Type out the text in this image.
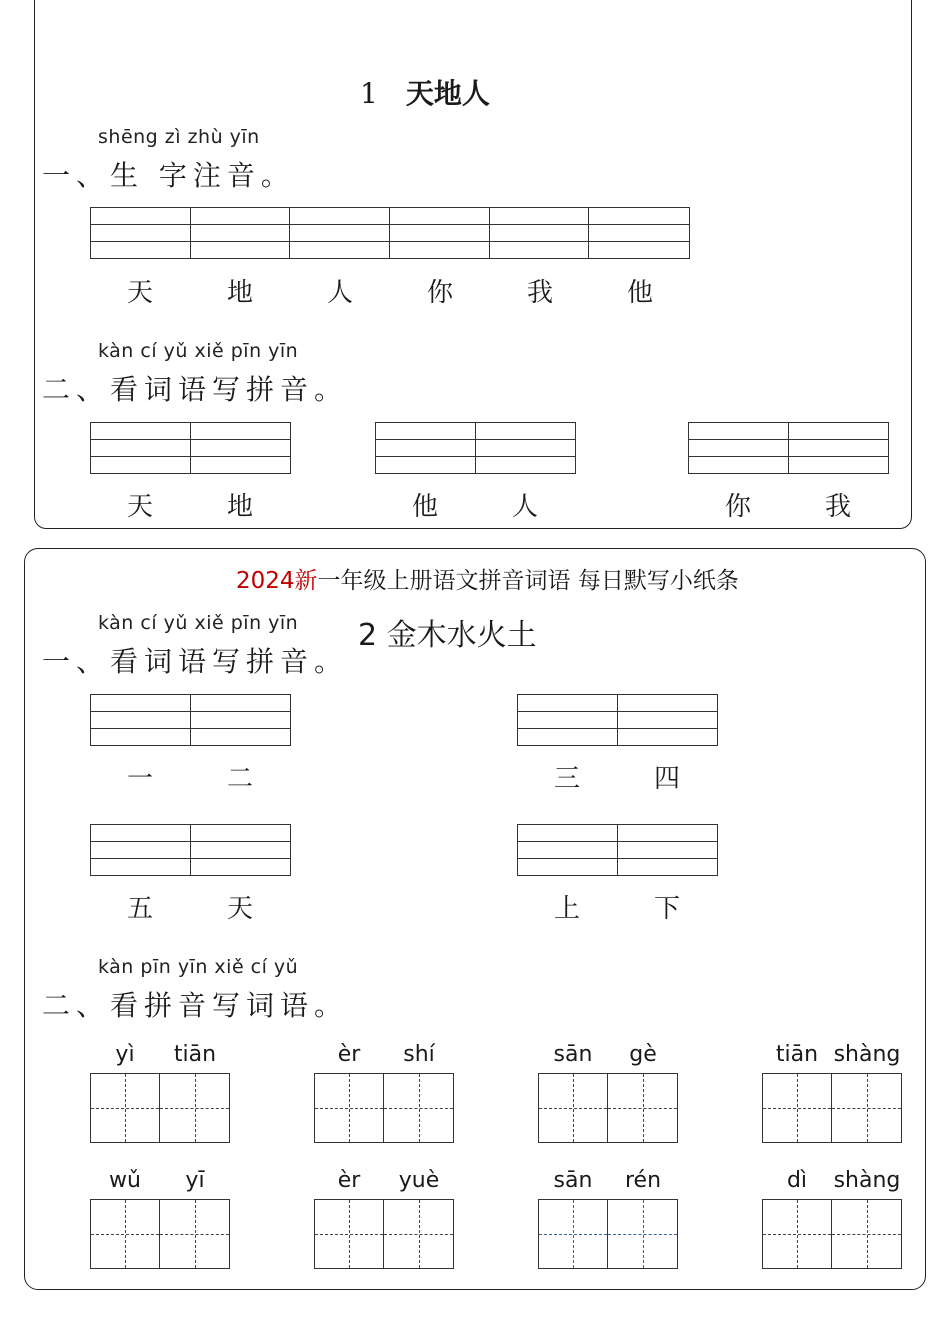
1 天地人
shēng zì zhù yīn
一、生 字注音。
天	地	人	你	我	他
kàn cí yǔ xiě pīn yīn
二、看词语写拼音。
天	地	他	人	你	我
2024新一年级上册语文拼音词语 每日默写小纸条
kàn cí yǔ xiě pīn yīn 2 金木水火土
一、看词语写拼音。
一	二	三	四
五	天	上	下
kàn pīn yīn xiě cí yǔ
二、看拼音写词语。
yì	tiān	èr	shí	sān	gè	tiān shàng
wǔ	yī	èr	yuè	sān	rén	dì	shàng
